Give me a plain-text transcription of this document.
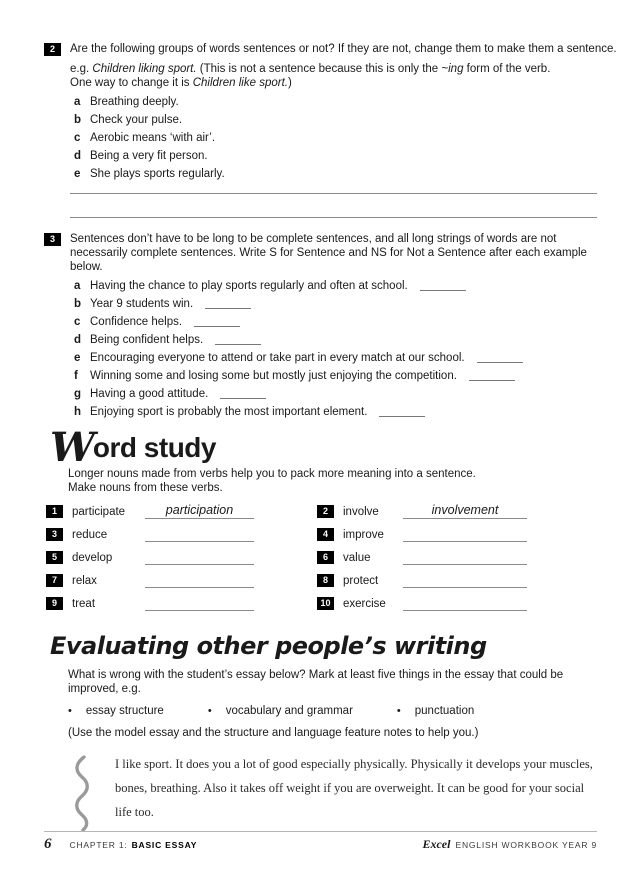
2	Are the following groups of words sentences or not? If they are not, change them to make them a sentence.
e.g. Children liking sport. (This is not a sentence because this is only the ~ing form of the verb.
One way to change it is Children like sport.)
a Breathing deeply.
b Check your pulse.
c Aerobic means ‘with air’.
d Being a very fit person.
e She plays sports regularly.
3	Sentences don’t have to be long to be complete sentences, and all long strings of words are not necessarily complete sentences. Write S for Sentence and NS for Not a Sentence after each example below.
a Having the chance to play sports regularly and often at school.
b Year 9 students win.
c Confidence helps.
d Being confident helps.
e Encouraging everyone to attend or take part in every match at our school.
f	Winning some and losing some but mostly just enjoying the competition.
g Having a good attitude.
h Enjoying sport is probably the most important element.
Word study
Longer nouns made from verbs help you to pack more meaning into a sentence.
Make nouns from these verbs.
1	participate	participation
3	reduce
5	develop
7	relax
9	treat
2	involve	involvement
4	improve
6	value
8	protect
10	exercise
Evaluating other people’s writing
What is wrong with the student’s essay below? Mark at least five things in the essay that could be improved, e.g.
• essay structure	• vocabulary and grammar	• punctuation
(Use the model essay and the structure and language feature notes to help you.)
I like sport. It does you a lot of good especially physically. Physically it develops your muscles, bones, breathing. Also it takes off weight if you are overweight. It can be good for your social life too.
6 CHAPTER 1: BASIC ESSAY	Excel ENGLISH WORKBOOK YEAR 9
